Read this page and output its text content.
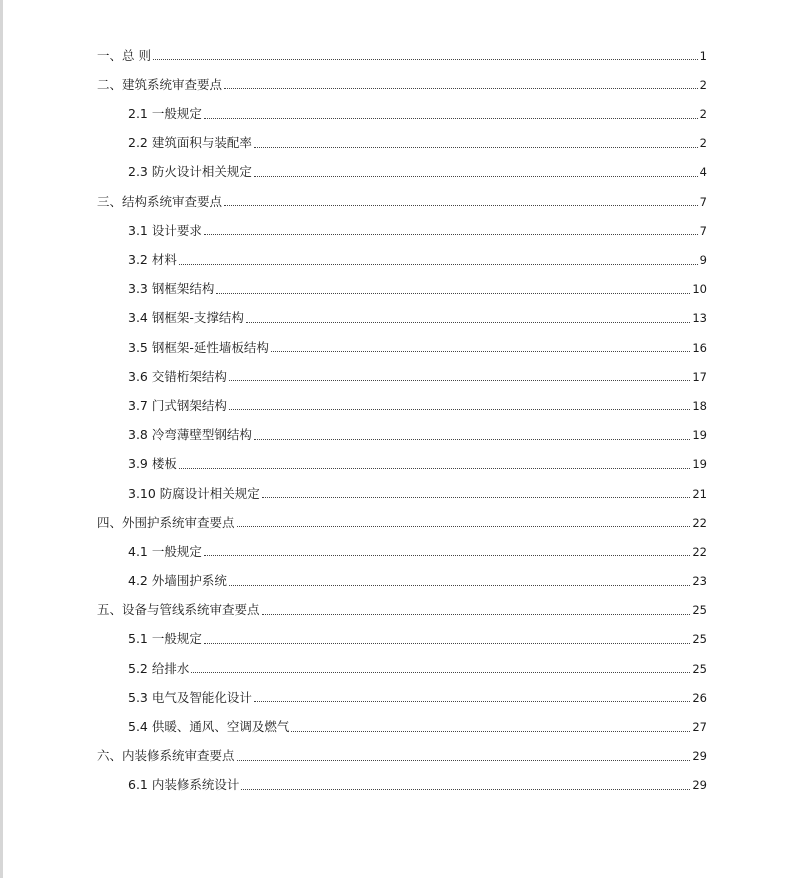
一、总 则	1
二、建筑系统审查要点	2
2.1 一般规定	2
2.2 建筑面积与装配率	2
2.3 防火设计相关规定	4
三、结构系统审查要点	7
3.1 设计要求	7
3.2 材料	9
3.3 钢框架结构	10
3.4 钢框架-支撑结构	13
3.5 钢框架-延性墙板结构	16
3.6 交错桁架结构	17
3.7 门式钢架结构	18
3.8 冷弯薄壁型钢结构	19
3.9 楼板	19
3.10 防腐设计相关规定	21
四、外围护系统审查要点	22
4.1 一般规定	22
4.2 外墙围护系统	23
五、设备与管线系统审查要点	25
5.1 一般规定	25
5.2 给排水	25
5.3 电气及智能化设计	26
5.4 供暖、通风、空调及燃气	27
六、内装修系统审查要点	29
6.1 内装修系统设计	29
